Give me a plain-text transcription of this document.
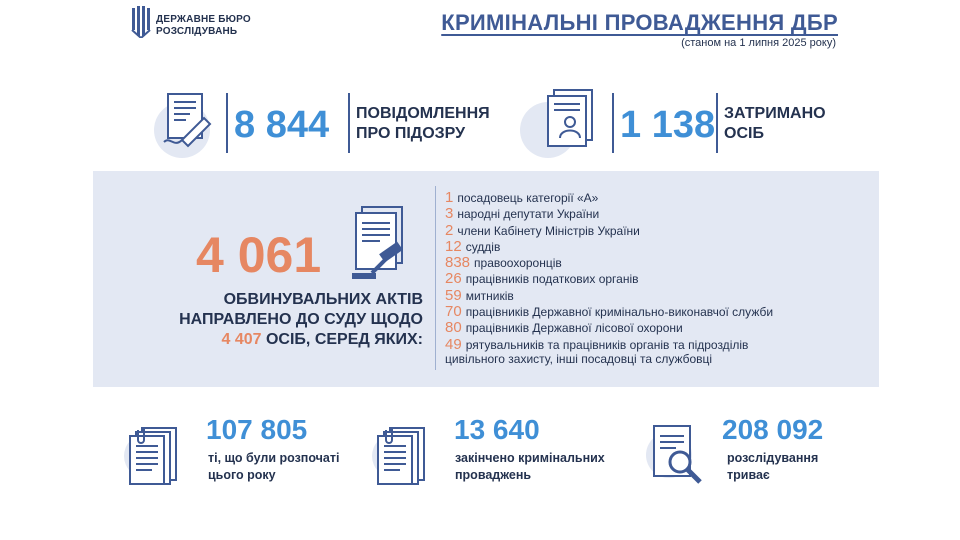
ДЕРЖАВНЕ БЮРО
РОЗСЛІДУВАНЬ	КРИМІНАЛЬНІ ПРОВАДЖЕННЯ ДБР
(станом на 1 липня 2025 року)
8 844 ПОВІДОМЛЕННЯ
ПРО ПІДОЗРУ	1 138 ЗАТРИМАНО
ОСІБ
4 061
ОБВИНУВАЛЬНИХ АКТІВ
НАПРАВЛЕНО ДО СУДУ ЩОДО
4 407 ОСІБ, СЕРЕД ЯКИХ:
1 посадовець категорії «А»
3 народні депутати України
2 члени Кабінету Міністрів України
12 суддів
838 правоохоронців
26 працівників податкових органів
59 митників
70 працівників Державної кримінально-виконавчої служби
80 працівників Державної лісової охорони
49 рятувальників та працівників органів та підрозділів
цивільного захисту, інші посадовці та службовці
107 805
ті, що були розпочаті
цього року
13 640
закінчено кримінальних
проваджень
208 092
розслідування
триває
